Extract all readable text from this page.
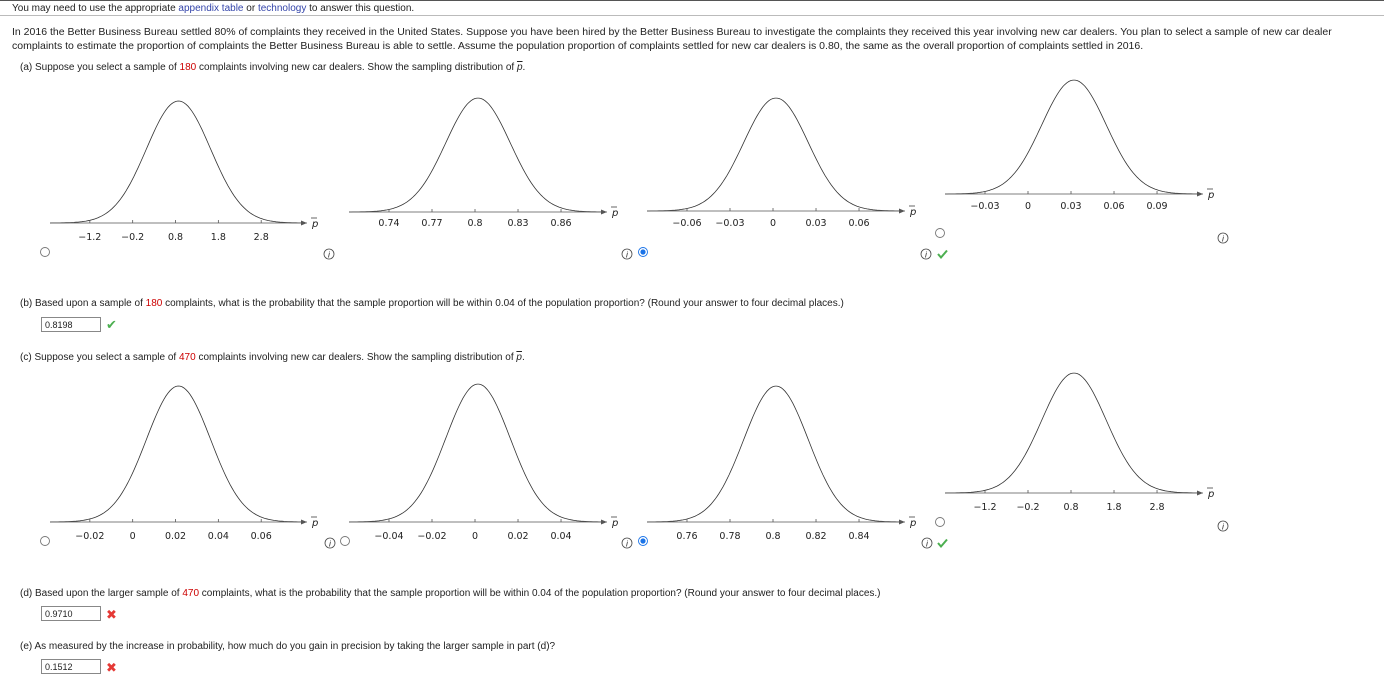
You may need to use the appropriate appendix table or technology to answer this question.
In 2016 the Better Business Bureau settled 80% of complaints they received in the United States. Suppose you have been hired by the Better Business Bureau to investigate the complaints they received this year involving new car dealers. You plan to select a sample of new car dealer complaints to estimate the proportion of complaints the Better Business Bureau is able to settle. Assume the population proportion of complaints settled for new car dealers is 0.80, the same as the overall proportion of complaints settled in 2016.
(a) Suppose you select a sample of 180 complaints involving new car dealers. Show the sampling distribution of $\overline{p}$.
(b) Based upon a sample of 180 complaints, what is the probability that the sample proportion will be within 0.04 of the population proportion? (Round your answer to four decimal places.)
0.8198	✔
(c) Suppose you select a sample of 470 complaints involving new car dealers. Show the sampling distribution of $\overline{p}$.
(d) Based upon the larger sample of 470 complaints, what is the probability that the sample proportion will be within 0.04 of the population proportion? (Round your answer to four decimal places.)
0.9710	✖
(e) As measured by the increase in probability, how much do you gain in precision by taking the larger sample in part (d)?
0.1512	✖
p
−1.2 −0.2 0.8	1.8	2.8
i
p
0.74 0.77	0.8	0.83 0.86
i
p
−0.06 −0.03	0	0.03 0.06
i
p
−0.03	0	0.03 0.06 0.09
i
p
−0.02	0	0.02 0.04 0.06
i
p
−0.04 −0.02	0	0.02 0.04
i
p
0.76 0.78	0.8	0.82 0.84
i
p
−1.2 −0.2	0.8	1.8	2.8
i
